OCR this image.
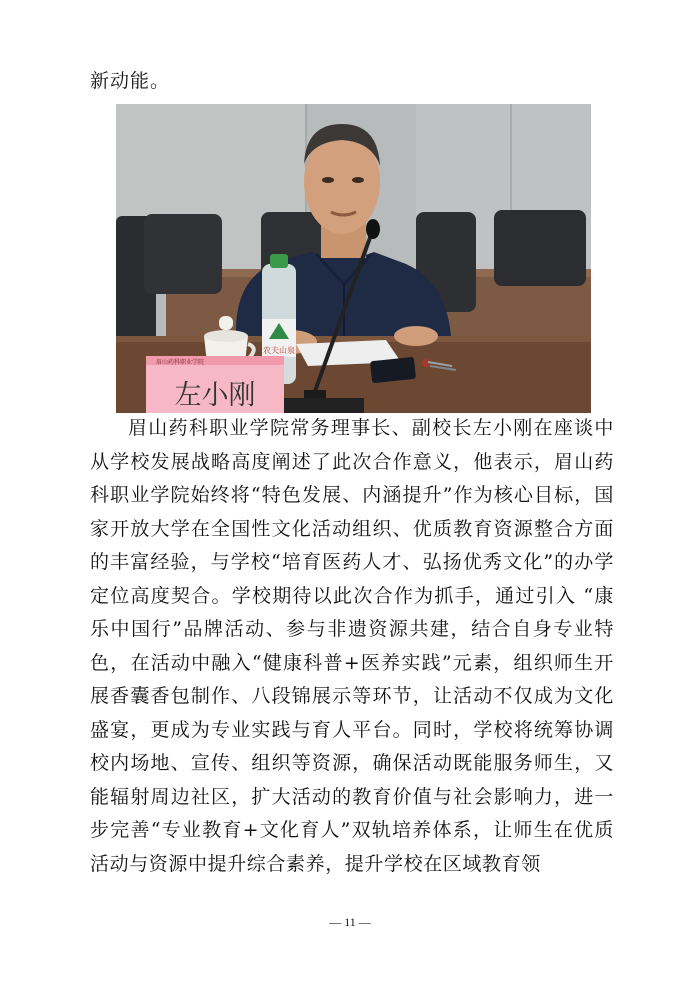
新动能。
农夫山泉
眉山药科职业学院
左小刚

眉山药科职业学院常务理事长、副校长左小刚在座谈中从学校发展战略高度阐述了此次合作意义，他表示，眉山药科职业学院始终将“特色发展、内涵提升”作为核心目标，国家开放大学在全国性文化活动组织、优质教育资源整合方面的丰富经验，与学校“培育医药人才、弘扬优秀文化”的办学定位高度契合。学校期待以此次合作为抓手，通过引入 “康乐中国行”品牌活动、参与非遗资源共建，结合自身专业特色，在活动中融入“健康科普+医养实践”元素，组织师生开展香囊香包制作、八段锦展示等环节，让活动不仅成为文化盛宴，更成为专业实践与育人平台。同时，学校将统筹协调校内场地、宣传、组织等资源，确保活动既能服务师生，又能辐射周边社区，扩大活动的教育价值与社会影响力，进一步完善“专业教育+文化育人”双轨培养体系，让师生在优质活动与资源中提升综合素养，提升学校在区域教育领

— 11 —
